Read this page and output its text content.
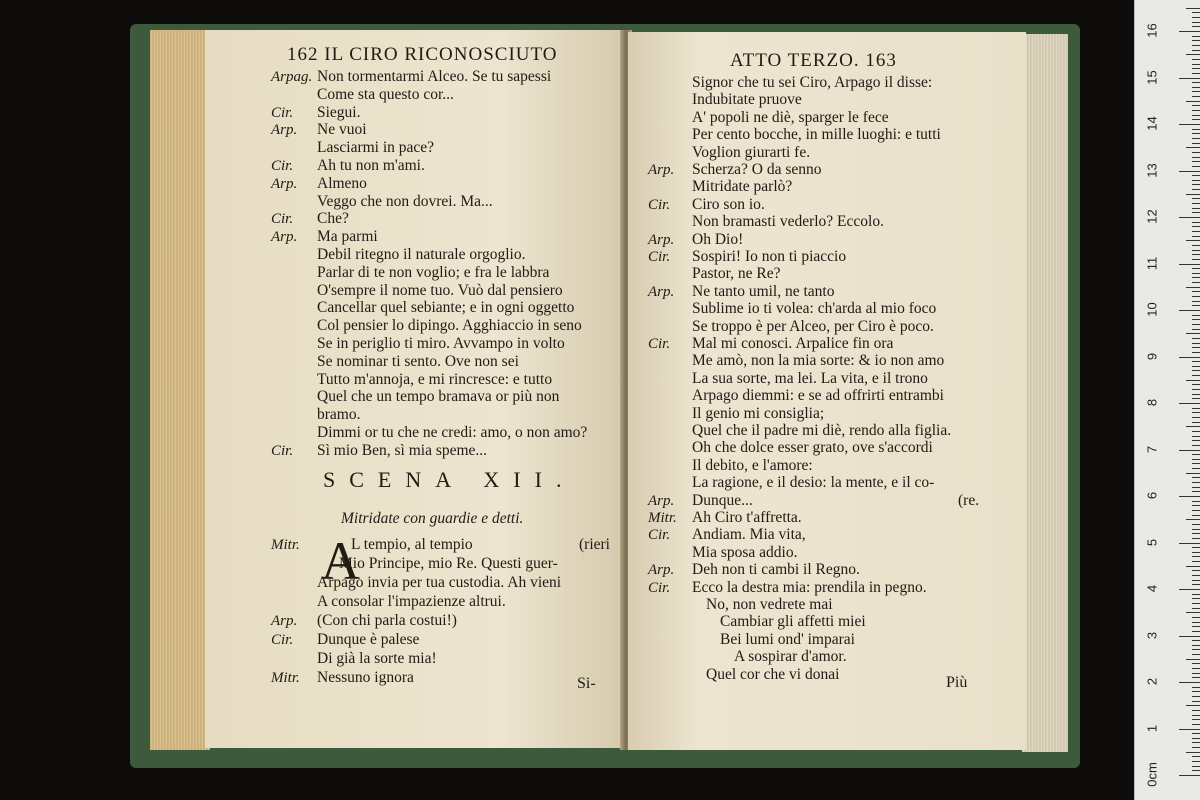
162 IL CIRO RICONOSCIUTO
Arpag. Non tormentarmi Alceo. Se tu sapessi
Come sta questo cor...
Cir. Siegui.
Arp. Ne vuoi
Lasciarmi in pace?
Cir. Ah tu non m'ami.
Arp. Almeno
Veggo che non dovrei. Ma...
Cir. Che?
Arp. Ma parmi
Debil ritegno il naturale orgoglio.
Parlar di te non voglio; e fra le labbra
O'sempre il nome tuo. Vuò dal pensiero
Cancellar quel sebiante; e in ogni oggetto
Col pensier lo dipingo. Agghiaccio in seno
Se in periglio ti miro. Avvampo in volto
Se nominar ti sento. Ove non sei
Tutto m'annoja, e mi rincresce: e tutto
Quel che un tempo bramava or più non
bramo.
Dimmi or tu che ne credi: amo, o non amo?
Cir. Sì mio Ben, sì mia speme...
SCENA XII.
Mitridate con guardie e detti.
A
Mitr.	L tempio, al tempio	(rieri
Mio Principe, mio Re. Questi guer-
Arpago invia per tua custodia. Ah vieni
A consolar l'impazienze altrui.
Arp. (Con chi parla costui!)
Cir. Dunque è palese
Di già la sorte mia!
Mitr. Nessuno ignora	Si-
ATTO TERZO. 163
Signor che tu sei Ciro, Arpago il disse:
Indubitate pruove
A' popoli ne diè, sparger le fece
Per cento bocche, in mille luoghi: e tutti
Voglion giurarti fe.
Arp. Scherza? O da senno
Mitridate parlò?
Cir. Ciro son io.
Non bramasti vederlo? Eccolo.
Arp. Oh Dio!
Cir. Sospiri! Io non ti piaccio
Pastor, ne Re?
Arp. Ne tanto umil, ne tanto
Sublime io ti volea: ch'arda al mio foco
Se troppo è per Alceo, per Ciro è poco.
Cir. Mal mi conosci. Arpalice fin ora
Me amò, non la mia sorte: & io non amo
La sua sorte, ma lei. La vita, e il trono
Arpago diemmi: e se ad offrirti entrambi
Il genio mi consiglia;
Quel che il padre mi diè, rendo alla figlia.
Oh che dolce esser grato, ove s'accordi
Il debito, e l'amore:
La ragione, e il desio: la mente, e il co-
Arp. Dunque...	(re.
Mitr. Ah Ciro t'affretta.
Cir. Andiam. Mia vita,
Mia sposa addio.
Arp. Deh non ti cambi il Regno.
Cir. Ecco la destra mia: prendila in pegno.
No, non vedrete mai
Cambiar gli affetti miei
Bei lumi ond' imparai
A sospirar d'amor.
Quel cor che vi donai	Più
0cm
1
2
3
4
5
6
7
8
9
10
11
12
13
14
15
16
